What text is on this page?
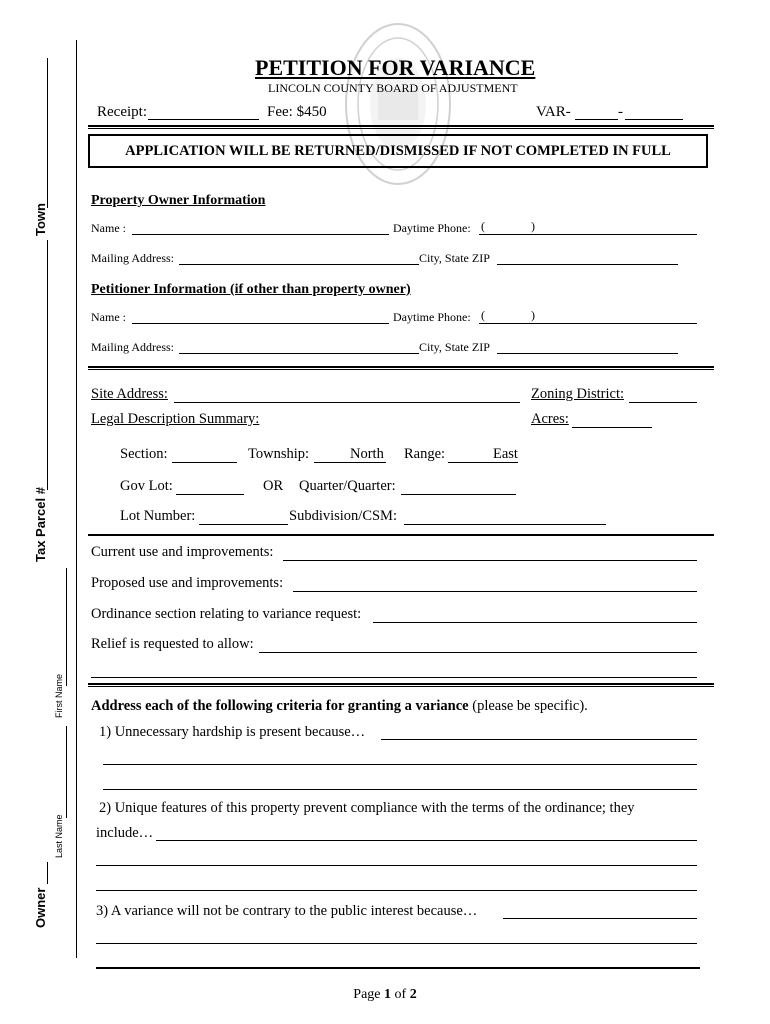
Town
Tax Parcel #
First Name
Last Name
Owner
PETITION FOR VARIANCE
LINCOLN COUNTY BOARD OF ADJUSTMENT
Receipt:	Fee: $450	VAR-	-
APPLICATION WILL BE RETURNED/DISMISSED IF NOT COMPLETED IN FULL
Property Owner Information
Name :	Daytime Phone: (	)
Mailing Address:	City, State ZIP
Petitioner Information (if other than property owner)
Name :	Daytime Phone: (	)
Mailing Address:	City, State ZIP
Site Address:	Zoning District:
Legal Description Summary:	Acres:
Section:	Township:	North Range:	East
Gov Lot:	OR Quarter/Quarter:
Lot Number:	Subdivision/CSM:
Current use and improvements:
Proposed use and improvements:
Ordinance section relating to variance request:
Relief is requested to allow:
Address each of the following criteria for granting a variance (please be specific).
1) Unnecessary hardship is present because…
2) Unique features of this property prevent compliance with the terms of the ordinance; they
include…
3) A variance will not be contrary to the public interest because…
Page 1 of 2
